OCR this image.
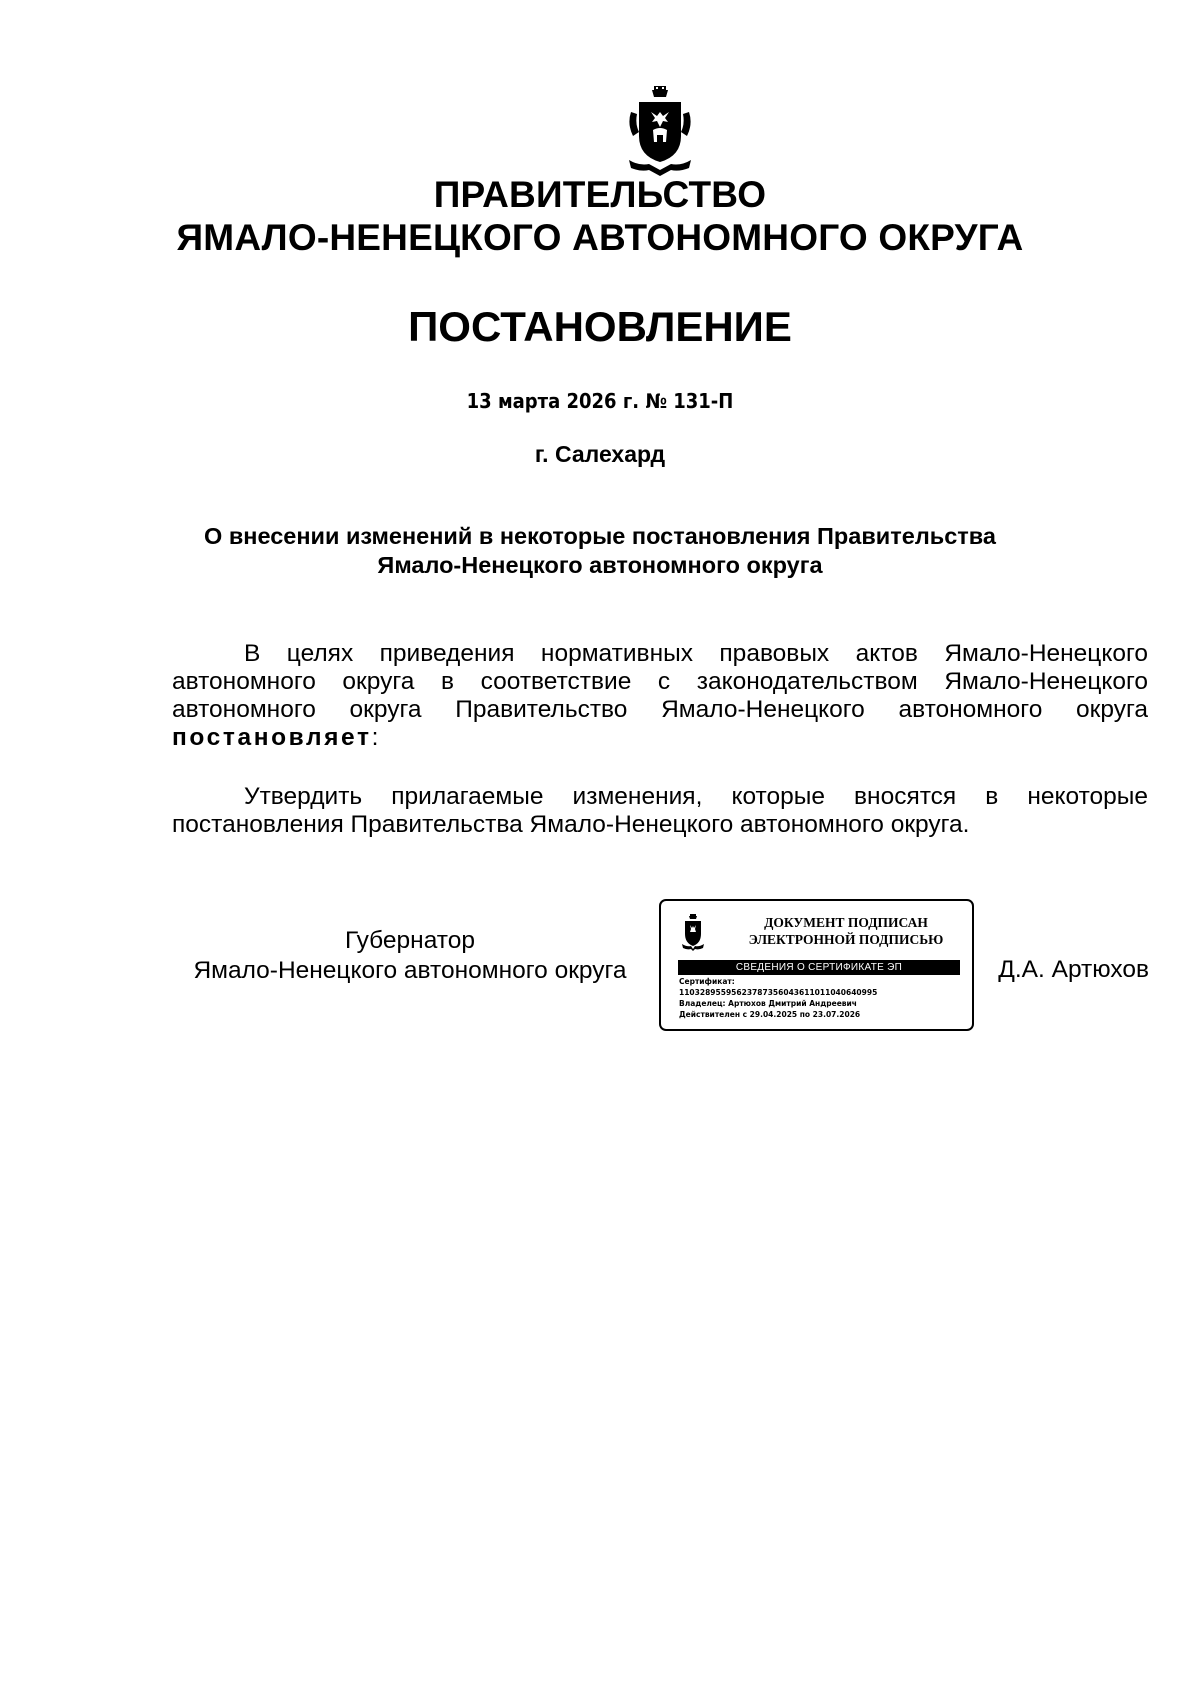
ПРАВИТЕЛЬСТВО
ЯМАЛО-НЕНЕЦКОГО АВТОНОМНОГО ОКРУГА
ПОСТАНОВЛЕНИЕ
13 марта 2026 г. № 131-П
г. Салехард
О внесении изменений в некоторые постановления Правительства
Ямало-Ненецкого автономного округа
В целях приведения нормативных правовых актов Ямало-Ненецкого автономного округа в соответствие с законодательством Ямало-Ненецкого автономного округа Правительство Ямало-Ненецкого автономного округа постановляет:
Утвердить прилагаемые изменения, которые вносятся в некоторые постановления Правительства Ямало-Ненецкого автономного округа.
Губернатор
Ямало-Ненецкого автономного округа
ДОКУМЕНТ ПОДПИСАН
ЭЛЕКТРОННОЙ ПОДПИСЬЮ
СВЕДЕНИЯ О СЕРТИФИКАТЕ ЭП
Сертификат:
11032895595623787356043611011040640995
Владелец: Артюхов Дмитрий Андреевич
Действителен с 29.04.2025 по 23.07.2026
Д.А. Артюхов
